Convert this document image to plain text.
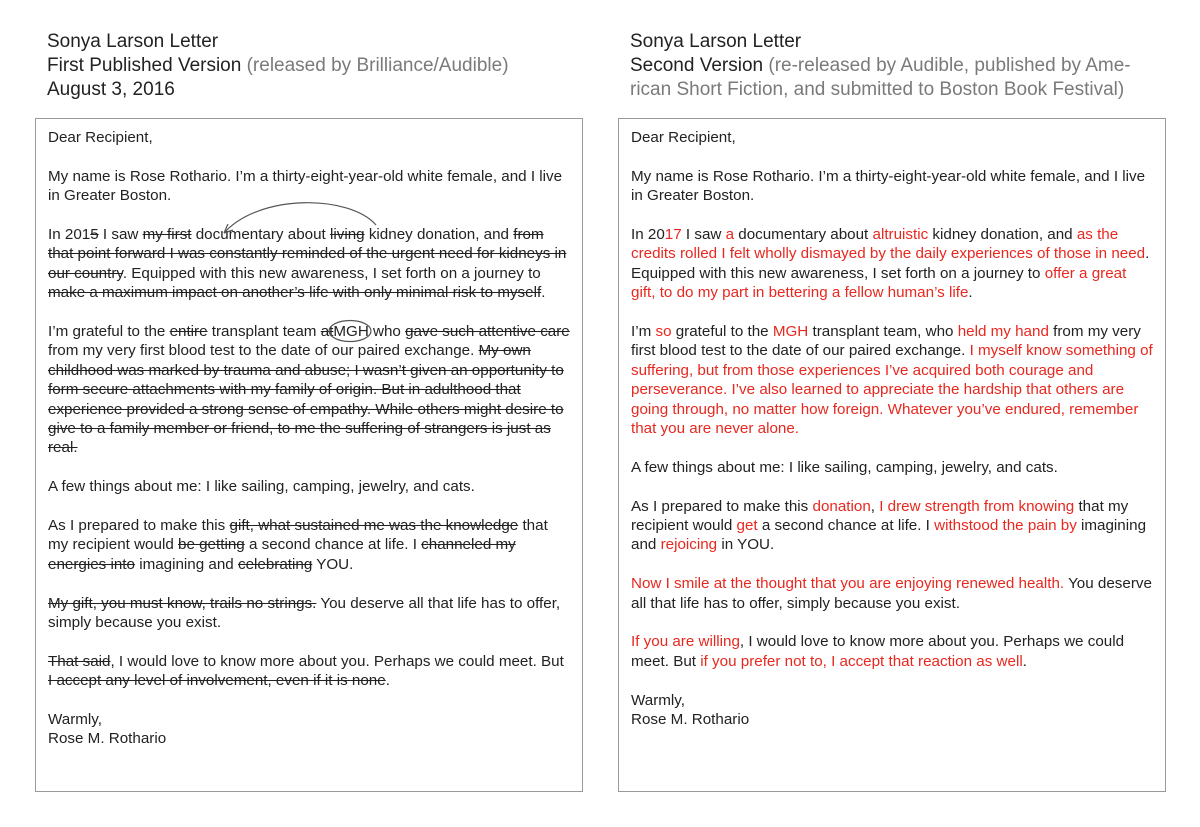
Sonya Larson Letter
First Published Version (released by Brilliance/Audible)
August 3, 2016
Sonya Larson Letter
Second Version (re-released by Audible, published by Ame-rican Short Fiction, and submitted to Boston Book Festival)

Dear Recipient,

My name is Rose Rothario. I’m a thirty-eight-year-old white female, and I live in Greater Boston.

In 2015 I saw my first documentary about living kidney donation, and from that point forward I was constantly reminded of the urgent need for kidneys in our country. Equipped with this new awareness, I set forth on a journey to make a maximum impact on another’s life with only minimal risk to myself.

I’m grateful to the entire transplant team atMGH
who gave such attentive care from my very first blood test to the date of our paired exchange. My own childhood was marked by trauma and abuse; I wasn’t given an opportunity to form secure attachments with my family of origin. But in adulthood that experience provided a strong sense of empathy. While others might desire to give to a family member or friend, to me the suffering of strangers is just as real.

A few things about me: I like sailing, camping, jewelry, and cats.

As I prepared to make this gift, what sustained me was the knowledge that my recipient would be getting a second chance at life. I channeled my energies into imagining and celebrating YOU.

My gift, you must know, trails no strings. You deserve all that life has to offer, simply because you exist.

That said, I would love to know more about you. Perhaps we could meet. But I accept any level of involvement, even if it is none.

Warmly,

Rose M. Rothario

Dear Recipient,

My name is Rose Rothario. I’m a thirty-eight-year-old white female, and I live in Greater Boston.

In 2017 I saw a documentary about altruistic kidney donation, and as the credits rolled I felt wholly dismayed by the daily experiences of those in need. Equipped with this new awareness, I set forth on a journey to offer a great gift, to do my part in bettering a fellow human’s life.

I’m so grateful to the MGH transplant team, who held my hand from my very first blood test to the date of our paired exchange. I myself know something of suffering, but from those experiences I’ve acquired both courage and perseverance. I’ve also learned to appreciate the hardship that others are going through, no matter how foreign. Whatever you’ve endured, remember that you are never alone.

A few things about me: I like sailing, camping, jewelry, and cats.

As I prepared to make this donation, I drew strength from knowing that my recipient would get a second chance at life. I withstood the pain by imagining and rejoicing in YOU.

Now I smile at the thought that you are enjoying renewed health. You deserve all that life has to offer, simply because you exist.

If you are willing, I would love to know more about you. Perhaps we could meet. But if you prefer not to, I accept that reaction as well.

Warmly,

Rose M. Rothario
